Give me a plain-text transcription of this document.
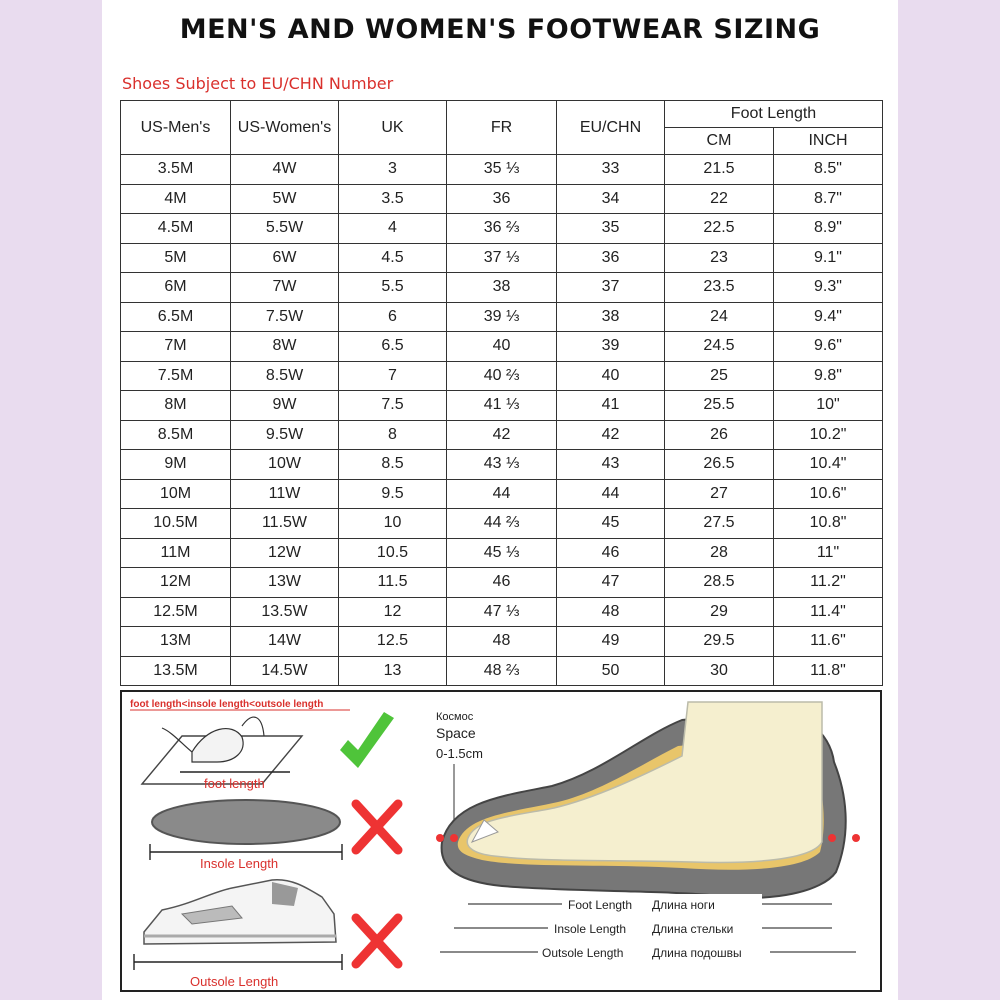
MEN'S AND WOMEN'S FOOTWEAR SIZING
Shoes Subject to EU/CHN Number
US-Men's	US-Women's	UK	FR	EU/CHN	Foot Length	
					CM	INCH
3.5M	4W	3	35 ⅓	33	21.5	8.5"
4M	5W	3.5	36	34	22	8.7"
4.5M	5.5W	4	36 ⅔	35	22.5	8.9"
5M	6W	4.5	37 ⅓	36	23	9.1"
6M	7W	5.5	38	37	23.5	9.3"
6.5M	7.5W	6	39 ⅓	38	24	9.4"
7M	8W	6.5	40	39	24.5	9.6"
7.5M	8.5W	7	40 ⅔	40	25	9.8"
8M	9W	7.5	41 ⅓	41	25.5	10"
8.5M	9.5W	8	42	42	26	10.2"
9M	10W	8.5	43 ⅓	43	26.5	10.4"
10M	11W	9.5	44	44	27	10.6"
10.5M	11.5W	10	44 ⅔	45	27.5	10.8"
11M	12W	10.5	45 ⅓	46	28	11"
12M	13W	11.5	46	47	28.5	11.2"
12.5M	13.5W	12	47 ⅓	48	29	11.4"
13M	14W	12.5	48	49	29.5	11.6"
13.5M	14.5W	13	48 ⅔	50	30	11.8"
foot length<insole length<outsole length
foot length
Insole Length
Outsole Length
Космос
Space
0-1.5cm
Foot Length Длина ноги
Insole Length Длина стельки
Outsole Length Длина подошвы
